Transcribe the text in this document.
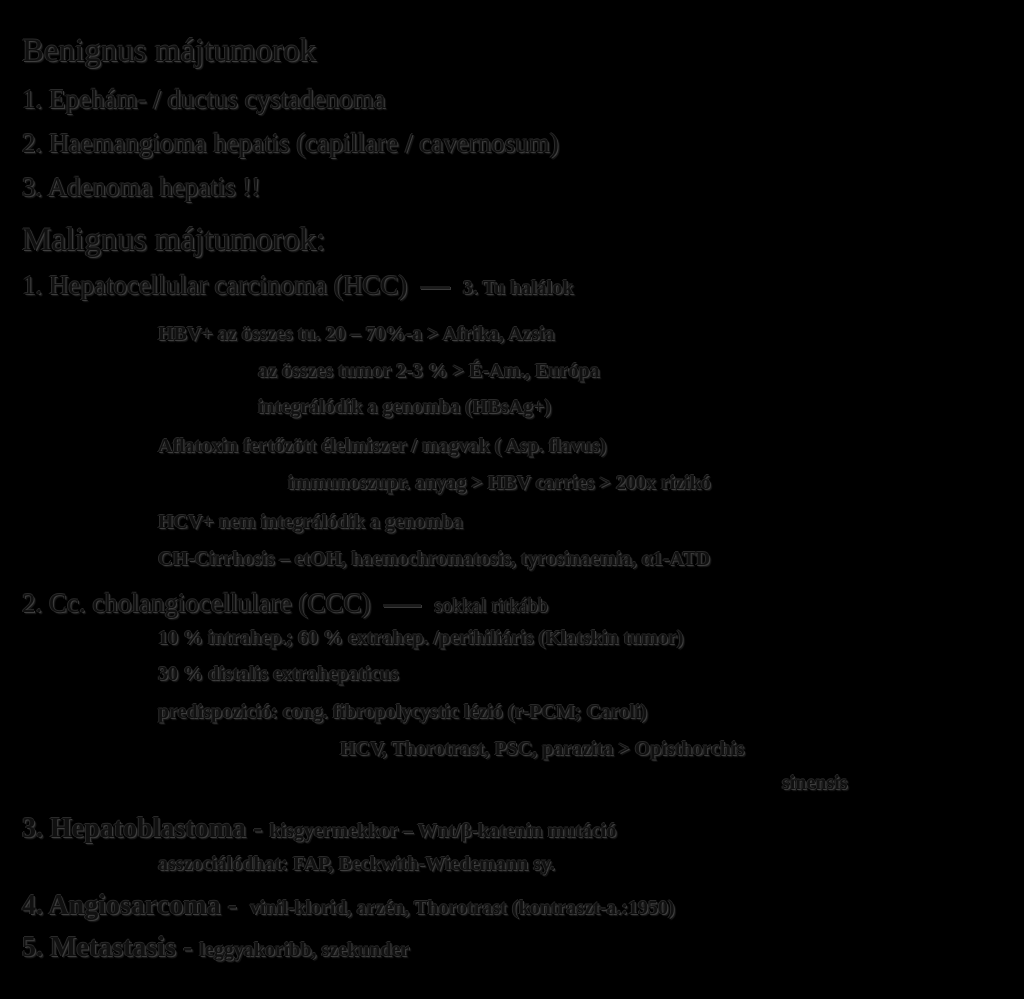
Benignus májtumorok
1. Epehám- / ductus cystadenoma
2. Haemangioma hepatis (capillare / cavernosum)
3. Adenoma hepatis !!
Malignus májtumorok:
1. Hepatocellular carcinoma (HCC)	3. Tu halálok
HBV+ az összes tu. 20 – 70%-a > Afrika, Azsia
az összes tumor 2-3 % > É-Am., Európa
integrálódik a genomba (HBsAg+)
Aflatoxin fertőzött élelmiszer / magvak ( Asp. flavus)
immunoszupr. anyag > HBV carries > 200x rizikó
HCV+ nem integrálódik a genomba
CH-Cirrhosis – etOH, haemochromatosis, tyrosinaemia, α1-ATD
2. Cc. cholangiocellulare (CCC)	sokkal ritkább
10 % intrahep.; 60 % extrahep. /perihiliáris (Klatskin tumor)
30 % distalis extrahepaticus
predispozició: cong. fibropolycystic lézió (r-PCM; Caroli)
HCV, Thorotrast, PSC, parazita > Opisthorchis
sinensis
3. Hepatoblastoma - kisgyermekkor – Wnt/β-katenin mutáció
asszociálódhat: FAP, Beckwith-Wiedemann sy.
4. Angiosarcoma - vinil-klorid, arzén, Thorotrast (kontraszt-a.:1950)
5. Metastasis - leggyakoribb, szekunder
